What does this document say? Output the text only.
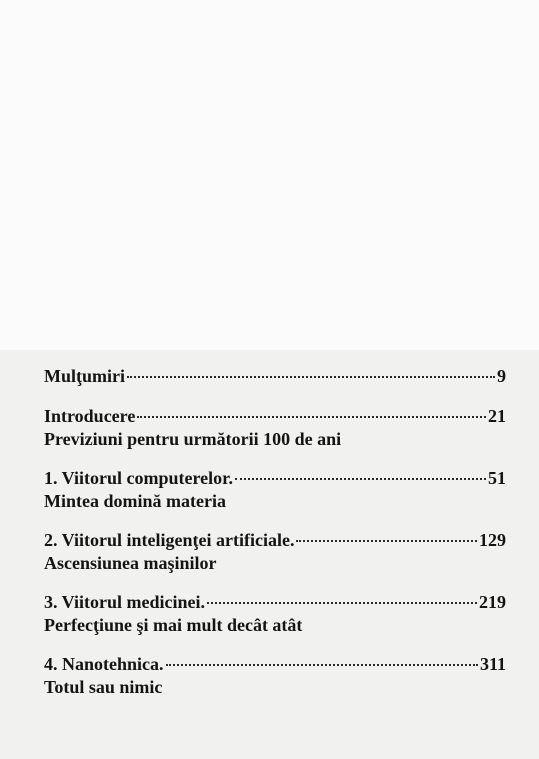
Mulţumiri	9
Introducere	21
Previziuni pentru următorii 100 de ani
1. Viitorul computerelor.	51
Mintea domină materia
2. Viitorul inteligenţei artificiale.	129
Ascensiunea maşinilor
3. Viitorul medicinei.	219
Perfecţiune şi mai mult decât atât
4. Nanotehnica.	311
Totul sau nimic
